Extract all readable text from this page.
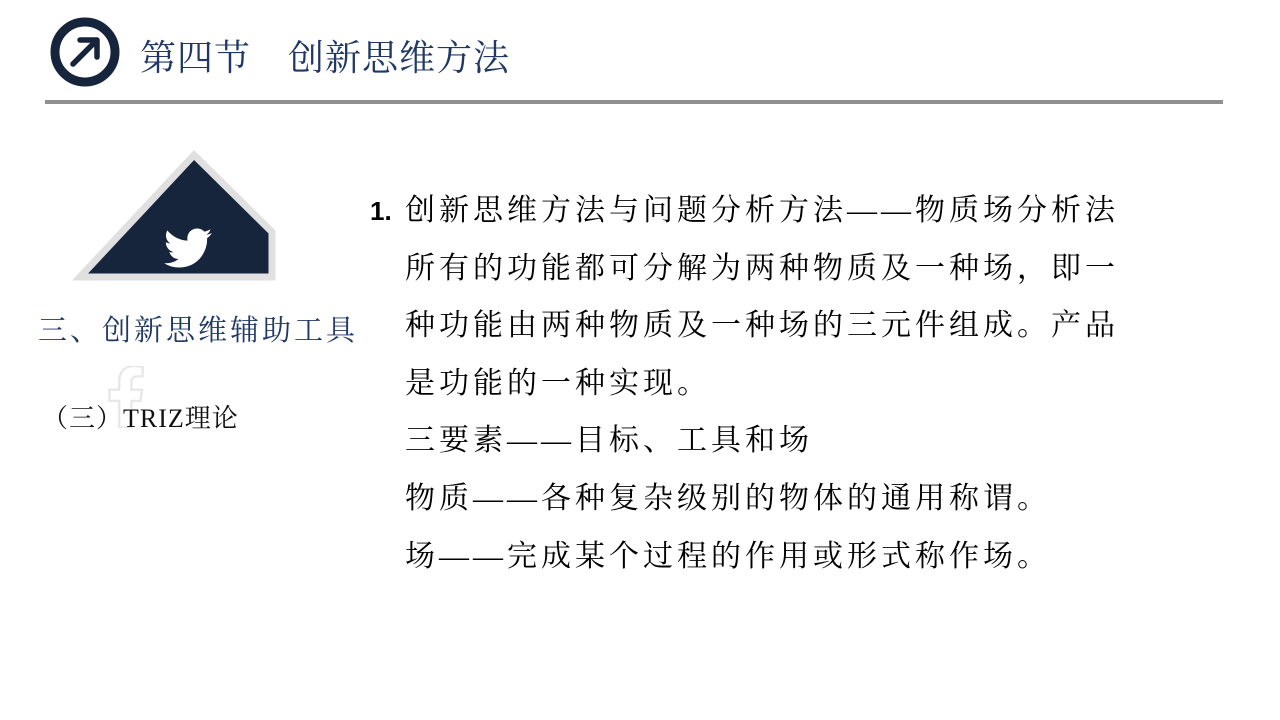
第四节　创新思维方法
三、创新思维辅助工具
（三）TRIZ理论
1. 创新思维方法与问题分析方法——物质场分析法
所有的功能都可分解为两种物质及一种场，即一
种功能由两种物质及一种场的三元件组成。产品
是功能的一种实现。
三要素——目标、工具和场
物质——各种复杂级别的物体的通用称谓。
场——完成某个过程的作用或形式称作场。
